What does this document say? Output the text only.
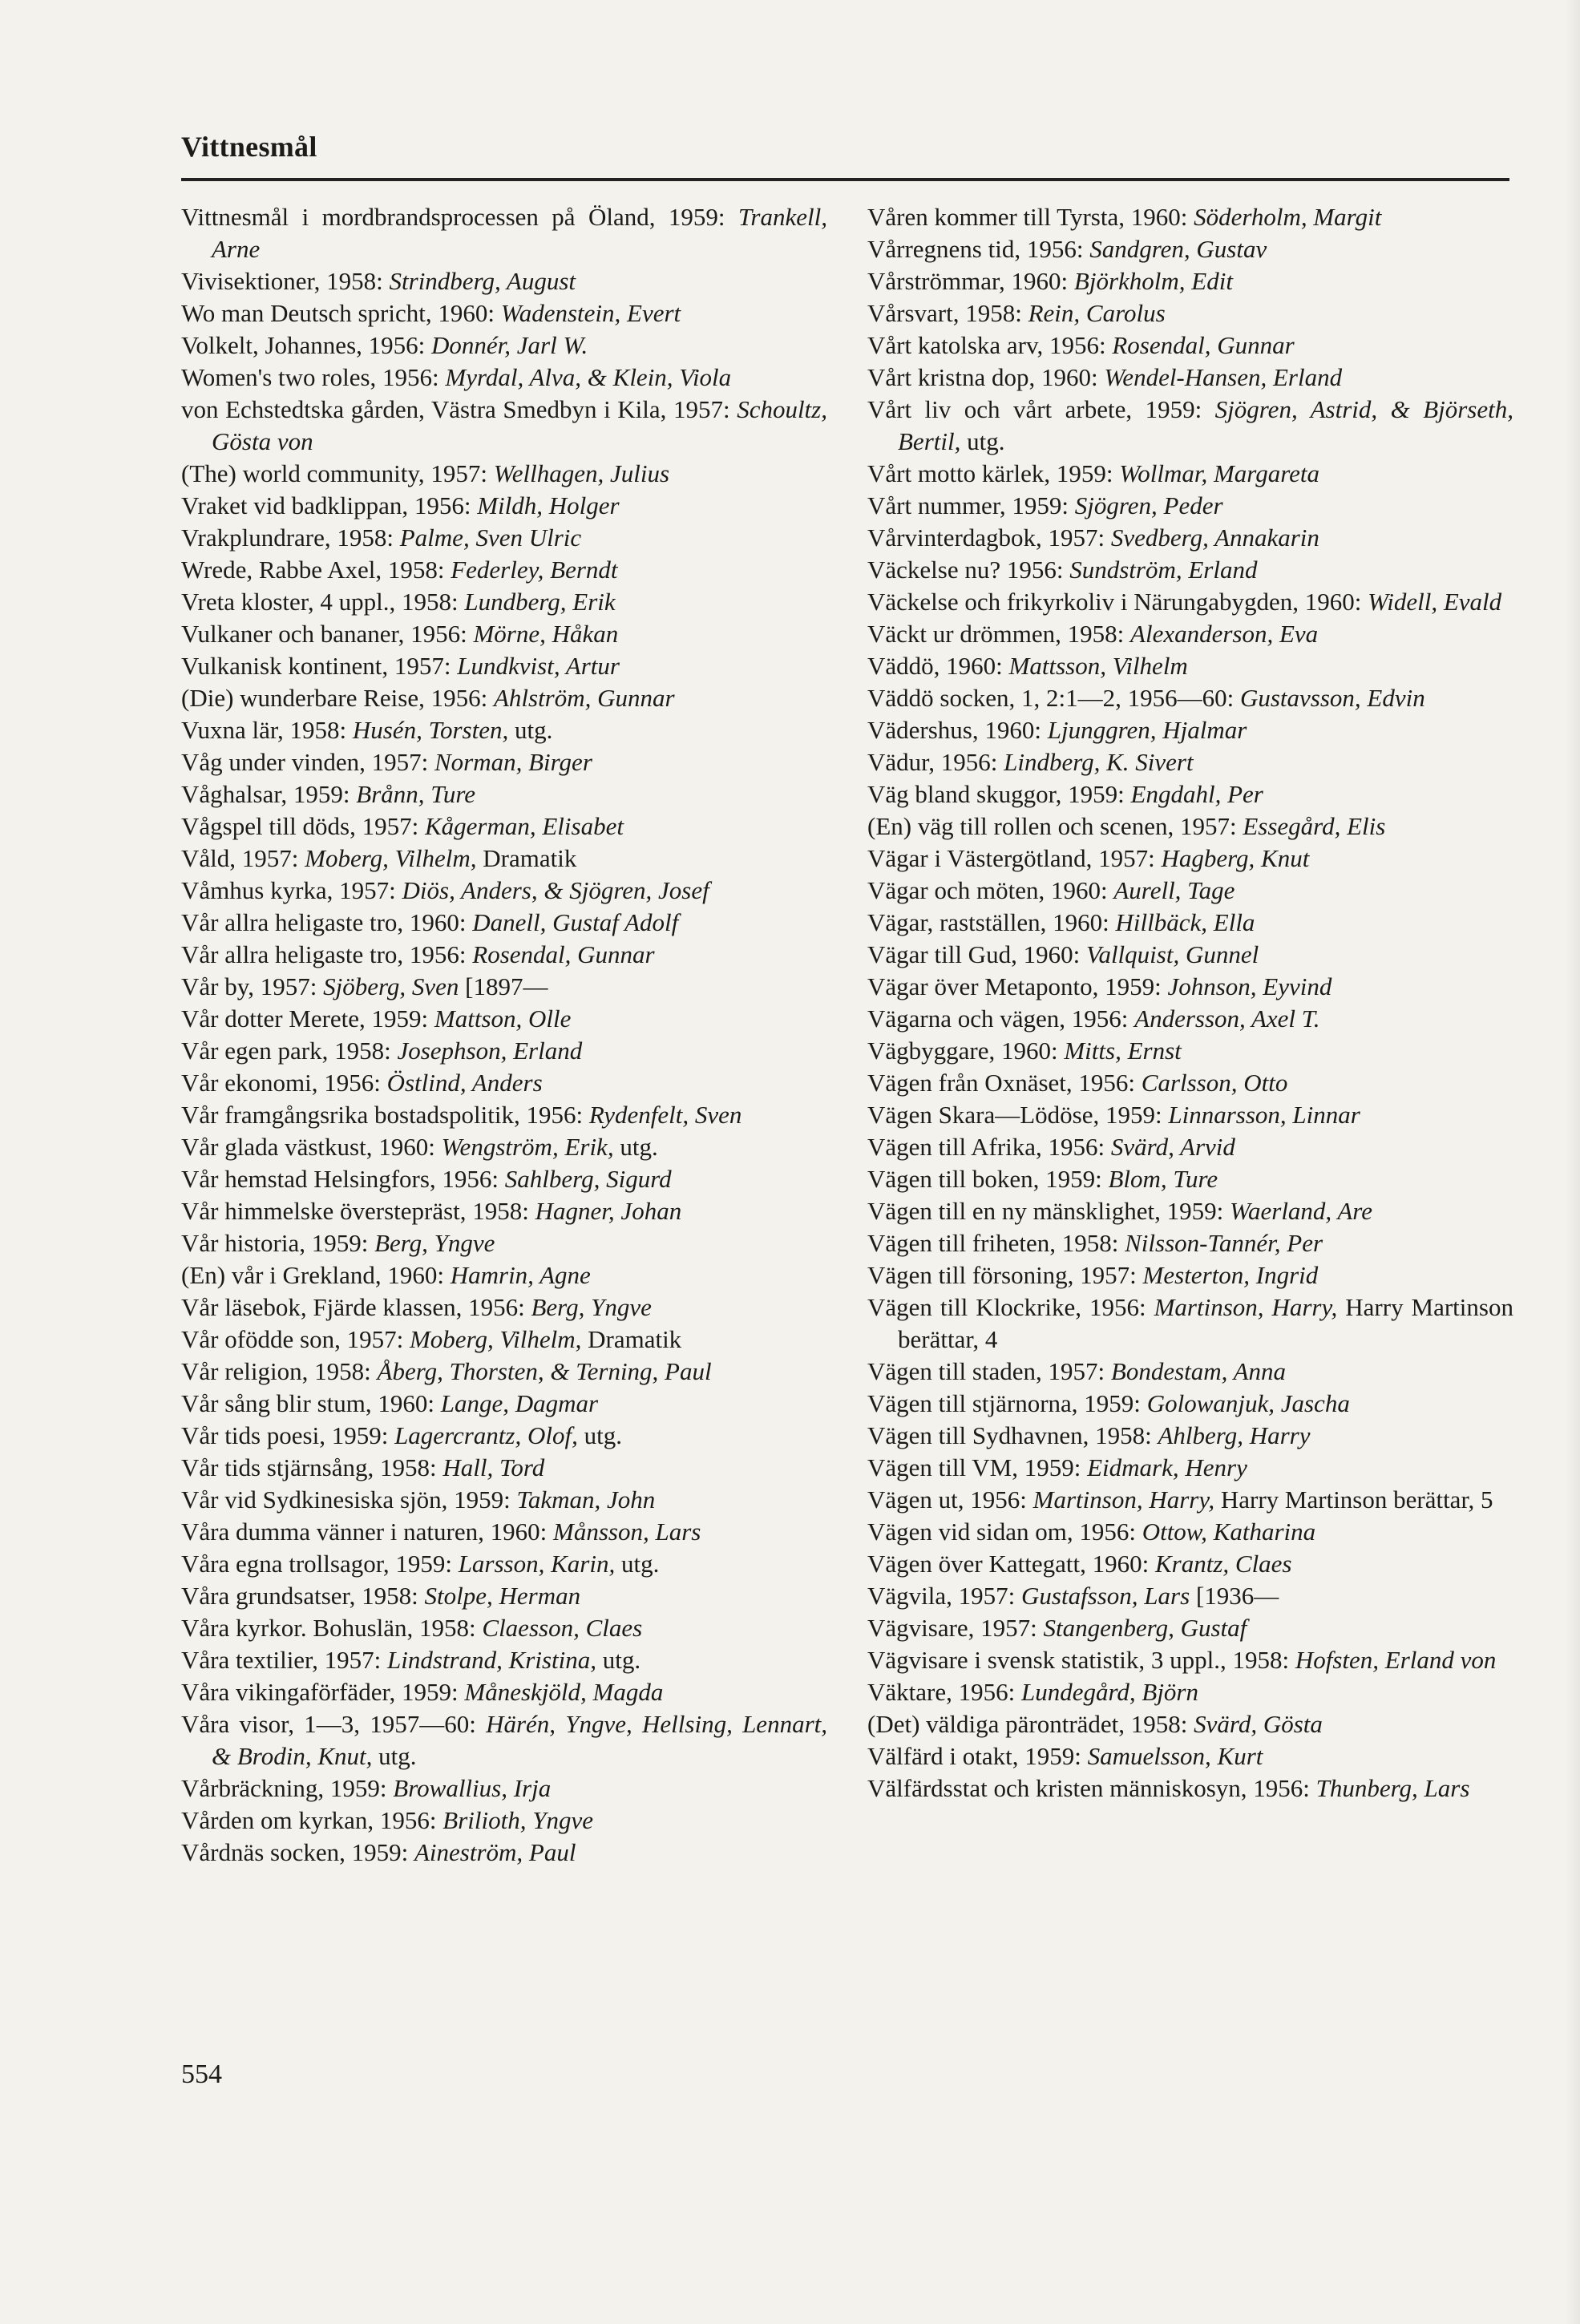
Vittnesmål
Vittnesmål i mordbrandsprocessen på Öland, 1959: Trankell, Arne
Vivisektioner, 1958: Strindberg, August
Wo man Deutsch spricht, 1960: Wadenstein, Evert
Volkelt, Johannes, 1956: Donnér, Jarl W.
Women's two roles, 1956: Myrdal, Alva, & Klein, Viola
von Echstedtska gården, Västra Smedbyn i Kila, 1957: Schoultz, Gösta von
(The) world community, 1957: Wellhagen, Julius
Vraket vid badklippan, 1956: Mildh, Holger
Vrakplundrare, 1958: Palme, Sven Ulric
Wrede, Rabbe Axel, 1958: Federley, Berndt
Vreta kloster, 4 uppl., 1958: Lundberg, Erik
Vulkaner och bananer, 1956: Mörne, Håkan
Vulkanisk kontinent, 1957: Lundkvist, Artur
(Die) wunderbare Reise, 1956: Ahlström, Gunnar
Vuxna lär, 1958: Husén, Torsten, utg.
Våg under vinden, 1957: Norman, Birger
Våghalsar, 1959: Brånn, Ture
Vågspel till döds, 1957: Kågerman, Elisabet
Våld, 1957: Moberg, Vilhelm, Dramatik
Våmhus kyrka, 1957: Diös, Anders, & Sjögren, Josef
Vår allra heligaste tro, 1960: Danell, Gustaf Adolf
Vår allra heligaste tro, 1956: Rosendal, Gunnar
Vår by, 1957: Sjöberg, Sven [1897—
Vår dotter Merete, 1959: Mattson, Olle
Vår egen park, 1958: Josephson, Erland
Vår ekonomi, 1956: Östlind, Anders
Vår framgångsrika bostadspolitik, 1956: Rydenfelt, Sven
Vår glada västkust, 1960: Wengström, Erik, utg.
Vår hemstad Helsingfors, 1956: Sahlberg, Sigurd
Vår himmelske överstepräst, 1958: Hagner, Johan
Vår historia, 1959: Berg, Yngve
(En) vår i Grekland, 1960: Hamrin, Agne
Vår läsebok, Fjärde klassen, 1956: Berg, Yngve
Vår ofödde son, 1957: Moberg, Vilhelm, Dramatik
Vår religion, 1958: Åberg, Thorsten, & Terning, Paul
Vår sång blir stum, 1960: Lange, Dagmar
Vår tids poesi, 1959: Lagercrantz, Olof, utg.
Vår tids stjärnsång, 1958: Hall, Tord
Vår vid Sydkinesiska sjön, 1959: Takman, John
Våra dumma vänner i naturen, 1960: Månsson, Lars
Våra egna trollsagor, 1959: Larsson, Karin, utg.
Våra grundsatser, 1958: Stolpe, Herman
Våra kyrkor. Bohuslän, 1958: Claesson, Claes
Våra textilier, 1957: Lindstrand, Kristina, utg.
Våra vikingaförfäder, 1959: Måneskjöld, Magda
Våra visor, 1—3, 1957—60: Härén, Yngve, Hellsing, Lennart, & Brodin, Knut, utg.
Vårbräckning, 1959: Browallius, Irja
Vården om kyrkan, 1956: Brilioth, Yngve
Vårdnäs socken, 1959: Aineström, Paul
Våren kommer till Tyrsta, 1960: Söderholm, Margit
Vårregnens tid, 1956: Sandgren, Gustav
Vårströmmar, 1960: Björkholm, Edit
Vårsvart, 1958: Rein, Carolus
Vårt katolska arv, 1956: Rosendal, Gunnar
Vårt kristna dop, 1960: Wendel-Hansen, Erland
Vårt liv och vårt arbete, 1959: Sjögren, Astrid, & Björseth, Bertil, utg.
Vårt motto kärlek, 1959: Wollmar, Margareta
Vårt nummer, 1959: Sjögren, Peder
Vårvinterdagbok, 1957: Svedberg, Annakarin
Väckelse nu? 1956: Sundström, Erland
Väckelse och frikyrkoliv i Närungabygden, 1960: Widell, Evald
Väckt ur drömmen, 1958: Alexanderson, Eva
Väddö, 1960: Mattsson, Vilhelm
Väddö socken, 1, 2:1—2, 1956—60: Gustavsson, Edvin
Vädershus, 1960: Ljunggren, Hjalmar
Vädur, 1956: Lindberg, K. Sivert
Väg bland skuggor, 1959: Engdahl, Per
(En) väg till rollen och scenen, 1957: Essegård, Elis
Vägar i Västergötland, 1957: Hagberg, Knut
Vägar och möten, 1960: Aurell, Tage
Vägar, rastställen, 1960: Hillbäck, Ella
Vägar till Gud, 1960: Vallquist, Gunnel
Vägar över Metaponto, 1959: Johnson, Eyvind
Vägarna och vägen, 1956: Andersson, Axel T.
Vägbyggare, 1960: Mitts, Ernst
Vägen från Oxnäset, 1956: Carlsson, Otto
Vägen Skara—Lödöse, 1959: Linnarsson, Linnar
Vägen till Afrika, 1956: Svärd, Arvid
Vägen till boken, 1959: Blom, Ture
Vägen till en ny mänsklighet, 1959: Waerland, Are
Vägen till friheten, 1958: Nilsson-Tannér, Per
Vägen till försoning, 1957: Mesterton, Ingrid
Vägen till Klockrike, 1956: Martinson, Harry, Harry Martinson berättar, 4
Vägen till staden, 1957: Bondestam, Anna
Vägen till stjärnorna, 1959: Golowanjuk, Jascha
Vägen till Sydhavnen, 1958: Ahlberg, Harry
Vägen till VM, 1959: Eidmark, Henry
Vägen ut, 1956: Martinson, Harry, Harry Martinson berättar, 5
Vägen vid sidan om, 1956: Ottow, Katharina
Vägen över Kattegatt, 1960: Krantz, Claes
Vägvila, 1957: Gustafsson, Lars [1936—
Vägvisare, 1957: Stangenberg, Gustaf
Vägvisare i svensk statistik, 3 uppl., 1958: Hofsten, Erland von
Väktare, 1956: Lundegård, Björn
(Det) väldiga päronträdet, 1958: Svärd, Gösta
Välfärd i otakt, 1959: Samuelsson, Kurt
Välfärdsstat och kristen människosyn, 1956: Thunberg, Lars
554
